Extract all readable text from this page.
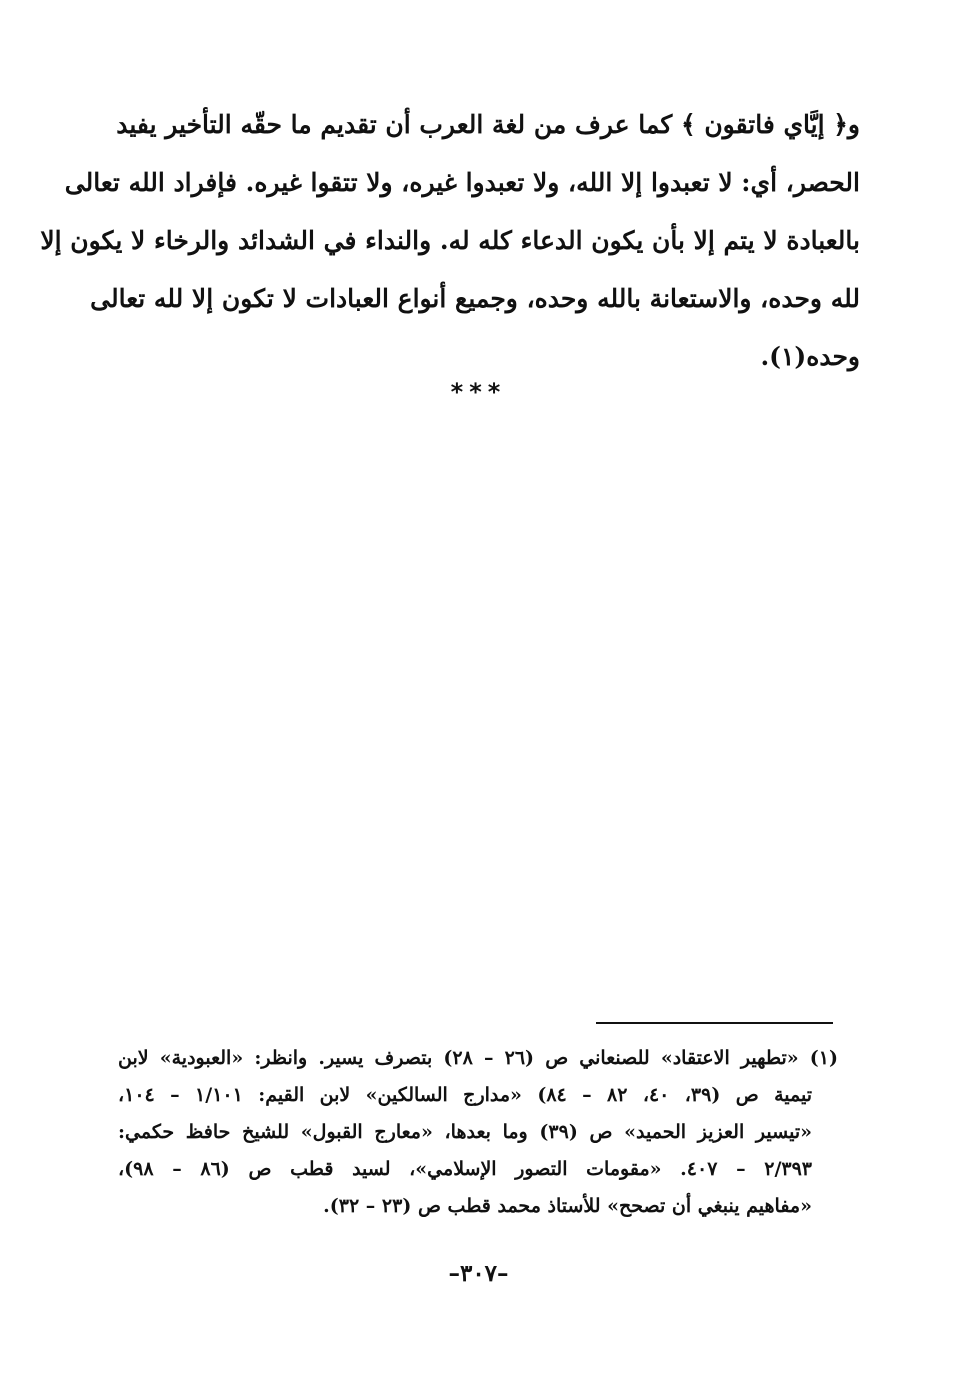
و﴿ إيَّاي فاتقون ﴾ كما عرف من لغة العرب أن تقديم ما حقّه التأخير يفيد
الحصر، أي: لا تعبدوا إلا الله، ولا تعبدوا غيره، ولا تتقوا غيره. فإفراد الله تعالى
بالعبادة لا يتم إلا بأن يكون الدعاء كله له. والنداء في الشدائد والرخاء لا يكون إلا
لله وحده، والاستعانة بالله وحده، وجميع أنواع العبادات لا تكون إلا لله تعالى
وحده(١).
***
(١) «تطهير الاعتقاد» للصنعاني ص (٢٦ – ٢٨) بتصرف يسير. وانظر: «العبودية» لابن
تيمية ص (٣٩، ٤٠، ٨٢ – ٨٤) «مدارج السالكين» لابن القيم: ١/١٠١ – ١٠٤،
«تيسير العزيز الحميد» ص (٣٩) وما بعدها، «معارج القبول» للشيخ حافظ حكمي:
٢/٣٩٣ – ٤٠٧. «مقومات التصور الإسلامي»، لسيد قطب ص (٨٦ – ٩٨)،
«مفاهيم ينبغي أن تصحح» للأستاذ محمد قطب ص (٢٣ – ٣٢).
–٣٠٧–
